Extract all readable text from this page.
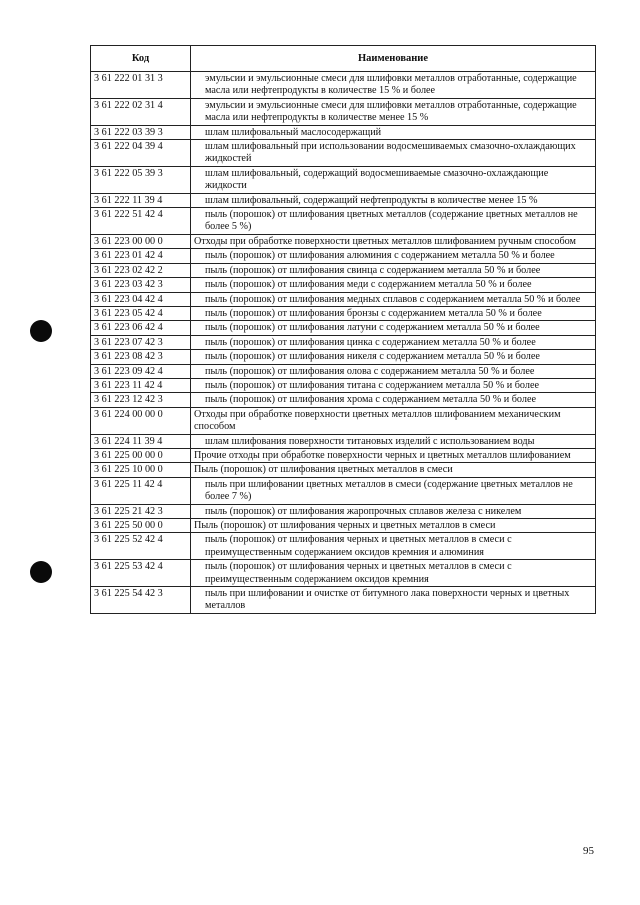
Код	Наименование
3 61 222 01 31 3	эмульсии и эмульсионные смеси для шлифовки металлов отработанные, содержащие масла или нефтепродукты в количестве 15 % и более

3 61 222 02 31 4	эмульсии и эмульсионные смеси для шлифовки металлов отработанные, содержащие масла или нефтепродукты в количестве менее 15 %

3 61 222 03 39 3	шлам шлифовальный маслосодержащий

3 61 222 04 39 4	шлам шлифовальный при использовании водосмешиваемых смазочно-охлаждающих жидкостей

3 61 222 05 39 3	шлам шлифовальный, содержащий водосмешиваемые смазочно-охлаждающие жидкости

3 61 222 11 39 4	шлам шлифовальный, содержащий нефтепродукты в количестве менее 15 %

3 61 222 51 42 4	пыль (порошок) от шлифования цветных металлов (содержание цветных металлов не более 5 %)

3 61 223 00 00 0	Отходы при обработке поверхности цветных металлов шлифованием ручным способом

3 61 223 01 42 4	пыль (порошок) от шлифования алюминия с содержанием металла 50 % и более

3 61 223 02 42 2	пыль (порошок) от шлифования свинца с содержанием металла 50 % и более

3 61 223 03 42 3	пыль (порошок) от шлифования меди с содержанием металла 50 % и более

3 61 223 04 42 4	пыль (порошок) от шлифования медных сплавов с содержанием металла 50 % и более

3 61 223 05 42 4	пыль (порошок) от шлифования бронзы с содержанием металла 50 % и более

3 61 223 06 42 4	пыль (порошок) от шлифования латуни с содержанием металла 50 % и более

3 61 223 07 42 3	пыль (порошок) от шлифования цинка с содержанием металла 50 % и более

3 61 223 08 42 3	пыль (порошок) от шлифования никеля с содержанием металла 50 % и более

3 61 223 09 42 4	пыль (порошок) от шлифования олова с содержанием металла 50 % и более

3 61 223 11 42 4	пыль (порошок) от шлифования титана с содержанием металла 50 % и более

3 61 223 12 42 3	пыль (порошок) от шлифования хрома с содержанием металла 50 % и более

3 61 224 00 00 0	Отходы при обработке поверхности цветных металлов шлифованием механическим способом

3 61 224 11 39 4	шлам шлифования поверхности титановых изделий с использованием воды

3 61 225 00 00 0	Прочие отходы при обработке поверхности черных и цветных металлов шлифованием

3 61 225 10 00 0	Пыль (порошок) от шлифования цветных металлов в смеси

3 61 225 11 42 4	пыль при шлифовании цветных металлов в смеси (содержание цветных металлов не более 7 %)

3 61 225 21 42 3	пыль (порошок) от шлифования жаропрочных сплавов железа с никелем

3 61 225 50 00 0	Пыль (порошок) от шлифования черных и цветных металлов в смеси

3 61 225 52 42 4	пыль (порошок) от шлифования черных и цветных металлов в смеси с преимущественным содержанием оксидов кремния и алюминия

3 61 225 53 42 4	пыль (порошок) от шлифования черных и цветных металлов в смеси с преимущественным содержанием оксидов кремния

3 61 225 54 42 3	пыль при шлифовании и очистке от битумного лака поверхности черных и цветных металлов
95
